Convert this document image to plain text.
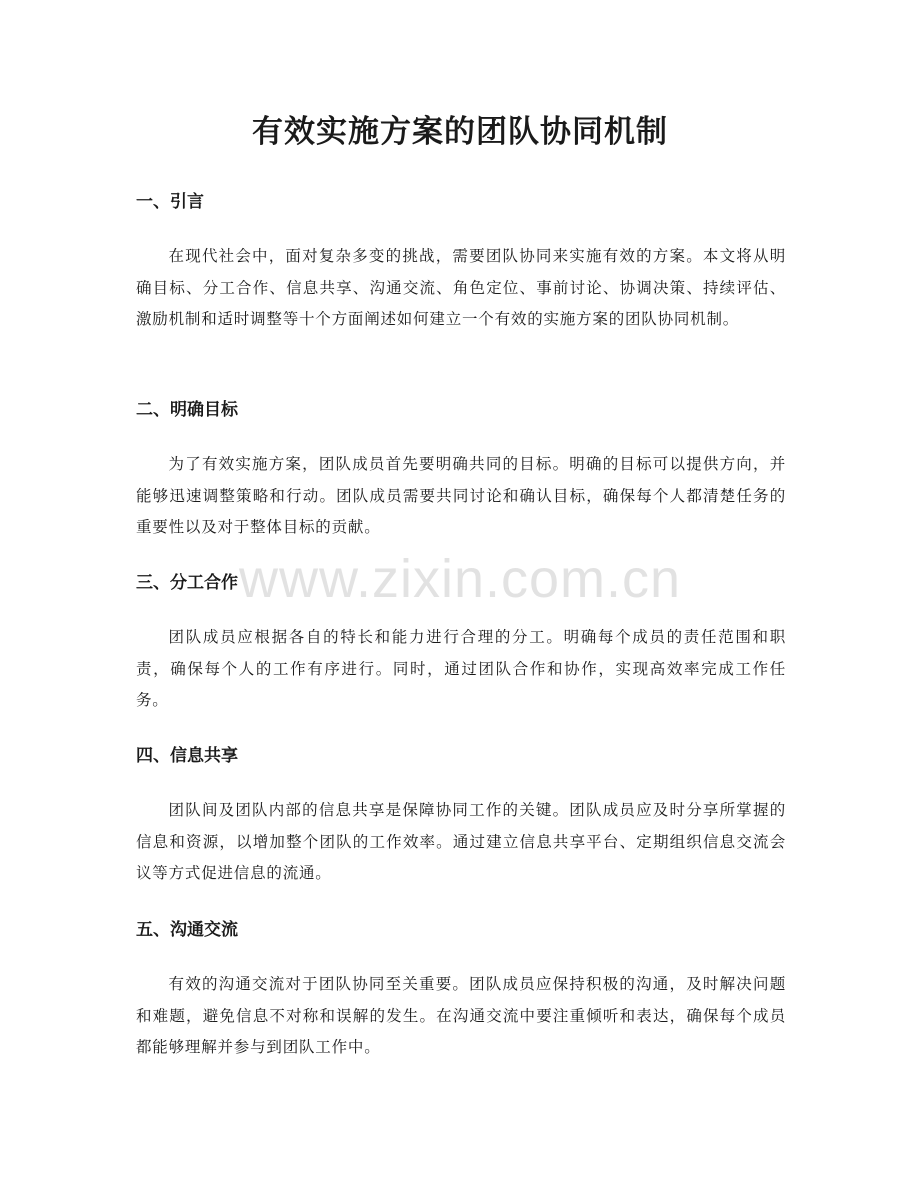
有效实施方案的团队协同机制
一、引言

在现代社会中，面对复杂多变的挑战，需要团队协同来实施有效的方案。本文将从明确目标、分工合作、信息共享、沟通交流、角色定位、事前讨论、协调决策、持续评估、激励机制和适时调整等十个方面阐述如何建立一个有效的实施方案的团队协同机制。

二、明确目标

为了有效实施方案，团队成员首先要明确共同的目标。明确的目标可以提供方向，并能够迅速调整策略和行动。团队成员需要共同讨论和确认目标，确保每个人都清楚任务的重要性以及对于整体目标的贡献。

三、分工合作

团队成员应根据各自的特长和能力进行合理的分工。明确每个成员的责任范围和职责，确保每个人的工作有序进行。同时，通过团队合作和协作，实现高效率完成工作任务。

四、信息共享

团队间及团队内部的信息共享是保障协同工作的关键。团队成员应及时分享所掌握的信息和资源，以增加整个团队的工作效率。通过建立信息共享平台、定期组织信息交流会议等方式促进信息的流通。

五、沟通交流

有效的沟通交流对于团队协同至关重要。团队成员应保持积极的沟通，及时解决问题和难题，避免信息不对称和误解的发生。在沟通交流中要注重倾听和表达，确保每个成员都能够理解并参与到团队工作中。

www.zixin.com.cn
